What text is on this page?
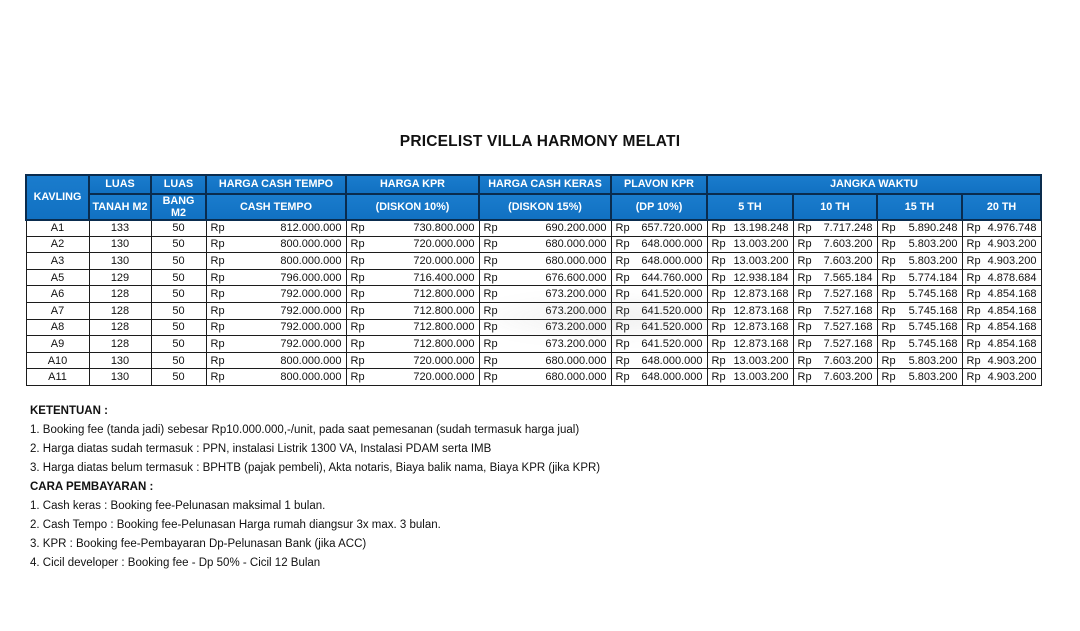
PRICELIST VILLA HARMONY MELATI
KAVLING	LUAS	LUAS	HARGA CASH TEMPO	HARGA KPR	HARGA CASH KERAS	PLAVON KPR	JANGKA WAKTU			
	TANAH M2	BANG M2	CASH TEMPO	(DISKON 10%)	(DISKON 15%)	(DP 10%)	5 TH	10 TH	15 TH	20 TH
A1	133	50	Rp 812.000.000	Rp 730.800.000	Rp 690.200.000	Rp 657.720.000	Rp 13.198.248	Rp 7.717.248	Rp 5.890.248	Rp 4.976.748

A2	130	50	Rp 800.000.000	Rp 720.000.000	Rp 680.000.000	Rp 648.000.000	Rp 13.003.200	Rp 7.603.200	Rp 5.803.200	Rp 4.903.200

A3	130	50	Rp 800.000.000	Rp 720.000.000	Rp 680.000.000	Rp 648.000.000	Rp 13.003.200	Rp 7.603.200	Rp 5.803.200	Rp 4.903.200

A5	129	50	Rp 796.000.000	Rp 716.400.000	Rp 676.600.000	Rp 644.760.000	Rp 12.938.184	Rp 7.565.184	Rp 5.774.184	Rp 4.878.684

A6	128	50	Rp 792.000.000	Rp 712.800.000	Rp 673.200.000	Rp 641.520.000	Rp 12.873.168	Rp 7.527.168	Rp 5.745.168	Rp 4.854.168

A7	128	50	Rp 792.000.000	Rp 712.800.000	Rp 673.200.000	Rp 641.520.000	Rp 12.873.168	Rp 7.527.168	Rp 5.745.168	Rp 4.854.168

A8	128	50	Rp 792.000.000	Rp 712.800.000	Rp 673.200.000	Rp 641.520.000	Rp 12.873.168	Rp 7.527.168	Rp 5.745.168	Rp 4.854.168

A9	128	50	Rp 792.000.000	Rp 712.800.000	Rp 673.200.000	Rp 641.520.000	Rp 12.873.168	Rp 7.527.168	Rp 5.745.168	Rp 4.854.168

A10	130	50	Rp 800.000.000	Rp 720.000.000	Rp 680.000.000	Rp 648.000.000	Rp 13.003.200	Rp 7.603.200	Rp 5.803.200	Rp 4.903.200

A11	130	50	Rp 800.000.000	Rp 720.000.000	Rp 680.000.000	Rp 648.000.000	Rp 13.003.200	Rp 7.603.200	Rp 5.803.200	Rp 4.903.200
KETENTUAN :
1. Booking fee (tanda jadi) sebesar Rp10.000.000,-/unit, pada saat pemesanan (sudah termasuk harga jual)
2. Harga diatas sudah termasuk : PPN, instalasi Listrik 1300 VA, Instalasi PDAM serta IMB
3. Harga diatas belum termasuk : BPHTB (pajak pembeli), Akta notaris, Biaya balik nama, Biaya KPR (jika KPR)
CARA PEMBAYARAN :
1. Cash keras : Booking fee-Pelunasan maksimal 1 bulan.
2. Cash Tempo : Booking fee-Pelunasan Harga rumah diangsur 3x max. 3 bulan.
3. KPR : Booking fee-Pembayaran Dp-Pelunasan Bank (jika ACC)
4. Cicil developer : Booking fee - Dp 50% - Cicil 12 Bulan
